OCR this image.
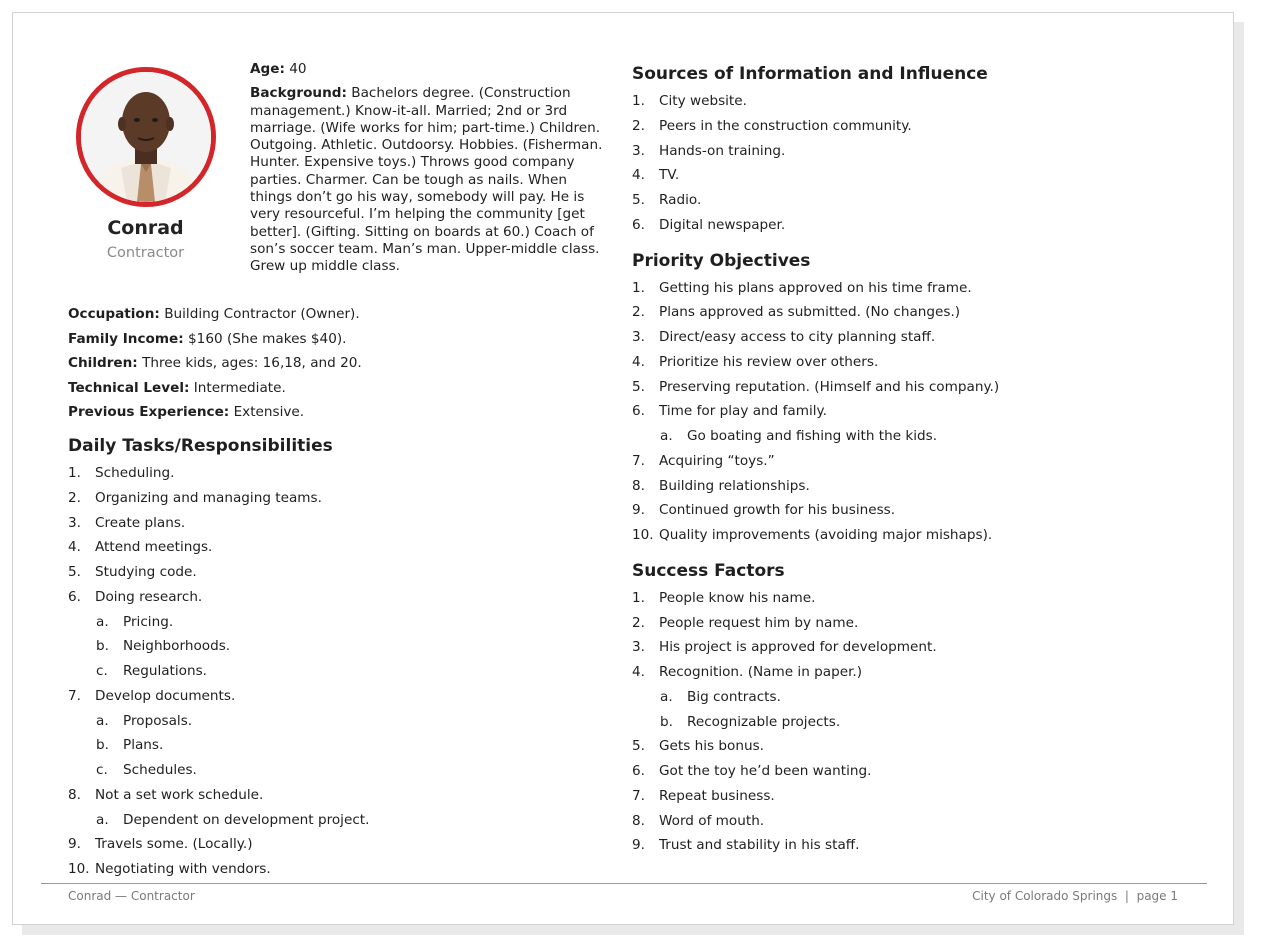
Conrad
Contractor

Age: 40

Background: Bachelors degree. (Construction management.) Know-it-all. Married; 2nd or 3rd marriage. (Wife works for him; part-time.) Children. Outgoing. Athletic. Outdoorsy. Hobbies. (Fisherman. Hunter. Expensive toys.) Throws good company parties. Charmer. Can be tough as nails. When things don’t go his way, somebody will pay. He is very resourceful. I’m helping the community [get better]. (Gifting. Sitting on boards at 60.) Coach of son’s soccer team. Man’s man. Upper-middle class. Grew up middle class.

Occupation: Building Contractor (Owner).

Family Income: $160 (She makes $40).

Children: Three kids, ages: 16,18, and 20.

Technical Level: Intermediate.

Previous Experience: Extensive.

Daily Tasks/Responsibilities
1.	Scheduling.
2.	Organizing and managing teams.
3.	Create plans.
4.	Attend meetings.
5.	Studying code.
6.	Doing research.
a.	Pricing.
b.	Neighborhoods.
c.	Regulations.
7.	Develop documents.
a.	Proposals.
b.	Plans.
c.	Schedules.
8.	Not a set work schedule.
a.	Dependent on development project.
9.	Travels some. (Locally.)
10. Negotiating with vendors.
Sources of Information and Influence
1.	City website.
2.	Peers in the construction community.
3.	Hands-on training.
4.	TV.
5.	Radio.
6.	Digital newspaper.
Priority Objectives
1.	Getting his plans approved on his time frame.
2.	Plans approved as submitted. (No changes.)
3.	Direct/easy access to city planning staff.
4.	Prioritize his review over others.
5.	Preserving reputation. (Himself and his company.)
6.	Time for play and family.
a.	Go boating and fishing with the kids.
7.	Acquiring “toys.”
8.	Building relationships.
9.	Continued growth for his business.
10. Quality improvements (avoiding major mishaps).
Success Factors
1.	People know his name.
2.	People request him by name.
3.	His project is approved for development.
4.	Recognition. (Name in paper.)
a.	Big contracts.
b.	Recognizable projects.
5.	Gets his bonus.
6.	Got the toy he’d been wanting.
7.	Repeat business.
8.	Word of mouth.
9.	Trust and stability in his staff.
Conrad — Contractor	City of Colorado Springs  |  page 1
